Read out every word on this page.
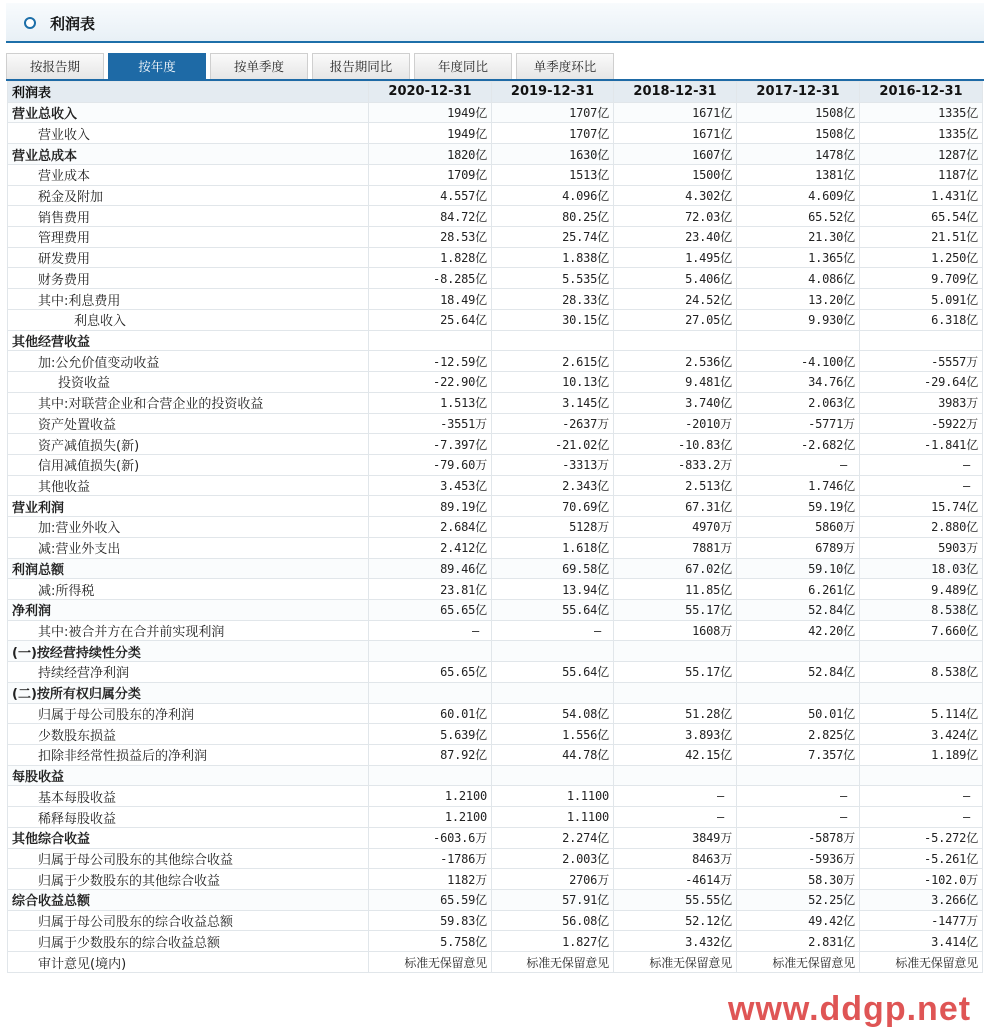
利润表
按报告期	按年度	按单季度	报告期同比	年度同比	单季度环比
利润表	2020-12-31	2019-12-31	2018-12-31	2017-12-31	2016-12-31
营业总收入	1949亿	1707亿	1671亿	1508亿	1335亿
营业收入	1949亿	1707亿	1671亿	1508亿	1335亿
营业总成本	1820亿	1630亿	1607亿	1478亿	1287亿
营业成本	1709亿	1513亿	1500亿	1381亿	1187亿
税金及附加	4.557亿	4.096亿	4.302亿	4.609亿	1.431亿
销售费用	84.72亿	80.25亿	72.03亿	65.52亿	65.54亿
管理费用	28.53亿	25.74亿	23.40亿	21.30亿	21.51亿
研发费用	1.828亿	1.838亿	1.495亿	1.365亿	1.250亿
财务费用	-8.285亿	5.535亿	5.406亿	4.086亿	9.709亿
其中:利息费用	18.49亿	28.33亿	24.52亿	13.20亿	5.091亿
利息收入	25.64亿	30.15亿	27.05亿	9.930亿	6.318亿
其他经营收益					
加:公允价值变动收益	-12.59亿	2.615亿	2.536亿	-4.100亿	-5557万
投资收益	-22.90亿	10.13亿	9.481亿	34.76亿	-29.64亿
其中:对联营企业和合营企业的投资收益	1.513亿	3.145亿	3.740亿	2.063亿	3983万
资产处置收益	-3551万	-2637万	-2010万	-5771万	-5922万
资产减值损失(新)	-7.397亿	-21.02亿	-10.83亿	-2.682亿	-1.841亿
信用减值损失(新)	-79.60万	-3313万	-833.2万	—	—
其他收益	3.453亿	2.343亿	2.513亿	1.746亿	—
营业利润	89.19亿	70.69亿	67.31亿	59.19亿	15.74亿
加:营业外收入	2.684亿	5128万	4970万	5860万	2.880亿
减:营业外支出	2.412亿	1.618亿	7881万	6789万	5903万
利润总额	89.46亿	69.58亿	67.02亿	59.10亿	18.03亿
减:所得税	23.81亿	13.94亿	11.85亿	6.261亿	9.489亿
净利润	65.65亿	55.64亿	55.17亿	52.84亿	8.538亿
其中:被合并方在合并前实现利润	—	—	1608万	42.20亿	7.660亿
(一)按经营持续性分类					
持续经营净利润	65.65亿	55.64亿	55.17亿	52.84亿	8.538亿
(二)按所有权归属分类					
归属于母公司股东的净利润	60.01亿	54.08亿	51.28亿	50.01亿	5.114亿
少数股东损益	5.639亿	1.556亿	3.893亿	2.825亿	3.424亿
扣除非经常性损益后的净利润	87.92亿	44.78亿	42.15亿	7.357亿	1.189亿
每股收益					
基本每股收益	1.2100	1.1100	—	—	—
稀释每股收益	1.2100	1.1100	—	—	—
其他综合收益	-603.6万	2.274亿	3849万	-5878万	-5.272亿
归属于母公司股东的其他综合收益	-1786万	2.003亿	8463万	-5936万	-5.261亿
归属于少数股东的其他综合收益	1182万	2706万	-4614万	58.30万	-102.0万
综合收益总额	65.59亿	57.91亿	55.55亿	52.25亿	3.266亿
归属于母公司股东的综合收益总额	59.83亿	56.08亿	52.12亿	49.42亿	-1477万
归属于少数股东的综合收益总额	5.758亿	1.827亿	3.432亿	2.831亿	3.414亿
审计意见(境内)	标准无保留意见	标准无保留意见	标准无保留意见	标准无保留意见	标准无保留意见
www.ddgp.net
